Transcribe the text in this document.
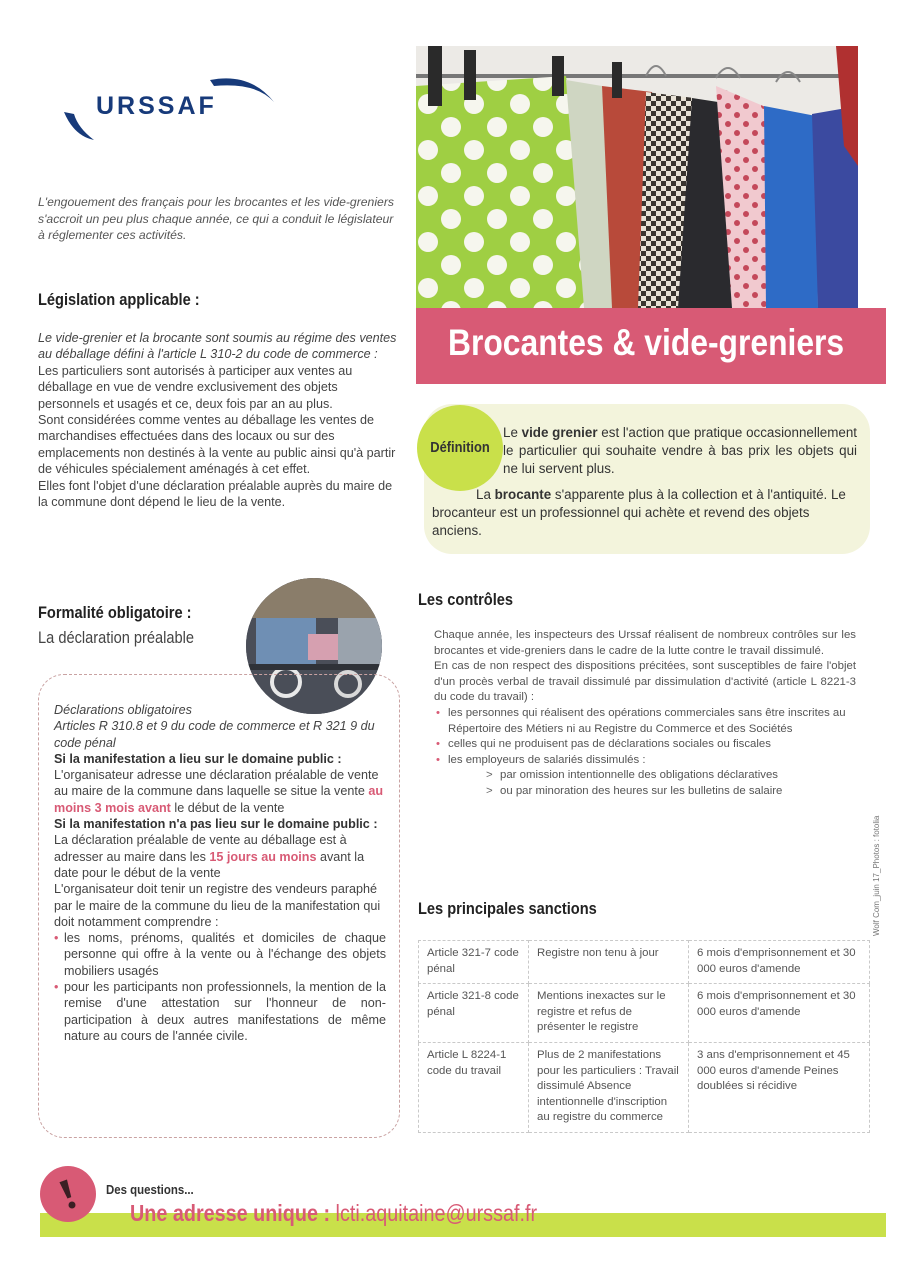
URSSAF

L'engouement des français pour les brocantes et les vide-greniers s'accroit un peu plus chaque année, ce qui a conduit le législateur à réglementer ces activités.

Législation applicable :

Le vide-grenier et la brocante sont soumis au régime des ventes au déballage défini à l'article L 310-2 du code de commerce :

Les particuliers sont autorisés à participer aux ventes au déballage en vue de vendre exclusivement des objets personnels et usagés et ce, deux fois par an au plus.

Sont considérées comme ventes au déballage les ventes de marchandises effectuées dans des locaux ou sur des emplacements non destinés à la vente au public ainsi qu'à partir de véhicules spécialement aménagés à cet effet.

Elles font l'objet d'une déclaration préalable auprès du maire de la commune dont dépend le lieu de la vente.

Brocantes & vide-greniers
Définition

Le vide grenier est l'action que pratique occasionnellement le particulier qui souhaite vendre à bas prix les objets qui ne lui servent plus.

La brocante s'apparente plus à la collection et à l'antiquité. Le brocanteur est un professionnel qui achète et revend des objets anciens.

Formalité obligatoire :
La déclaration préalable

Déclarations obligatoires

Articles R 310.8 et 9 du code de commerce et R 321 9 du code pénal

Si la manifestation a lieu sur le domaine public :

L'organisateur adresse une déclaration préalable de vente au maire de la commune dans laquelle se situe la vente au moins 3 mois avant le début de la vente

Si la manifestation n'a pas lieu sur le domaine public :

La déclaration préalable de vente au déballage est à adresser au maire dans les 15 jours au moins avant la date pour le début de la vente

L'organisateur doit tenir un registre des vendeurs paraphé par le maire de la commune du lieu de la manifestation qui doit notamment comprendre :

• les noms, prénoms, qualités et domiciles de chaque personne qui offre à la vente ou à l'échange des objets mobiliers usagés
• pour les participants non professionnels, la mention de la remise d'une attestation sur l'honneur de non-participation à deux autres manifestations de même nature au cours de l'année civile.
Les contrôles

Chaque année, les inspecteurs des Urssaf réalisent de nombreux contrôles sur les brocantes et vide-greniers dans le cadre de la lutte contre le travail dissimulé.

En cas de non respect des dispositions précitées, sont susceptibles de faire l'objet d'un procès verbal de travail dissimulé par dissimulation d'activité (article L 8221-3 du code du travail) :

• les personnes qui réalisent des opérations commerciales sans être inscrites au Répertoire des Métiers ni au Registre du Commerce et des Sociétés
• celles qui ne produisent pas de déclarations sociales ou fiscales
• les employeurs de salariés dissimulés :
> par omission intentionnelle des obligations déclaratives
> ou par minoration des heures sur les bulletins de salaire
Les principales sanctions
Article 321-7 code pénal	Registre non tenu à jour	6 mois d'emprisonnement et 30 000 euros d'amende
Article 321-8 code pénal	Mentions inexactes sur le registre et refus de présenter le registre	6 mois d'emprisonnement et 30 000 euros d'amende
Article L 8224-1 code du travail	Plus de 2 manifestations pour les particuliers : Travail dissimulé Absence intentionnelle d'inscription au registre du commerce	3 ans d'emprisonnement et 45 000 euros d'amende Peines doublées si récidive
Wolf Com_juin 17_Photos : fotolia
Des questions...
Une adresse unique : lcti.aquitaine@urssaf.fr
